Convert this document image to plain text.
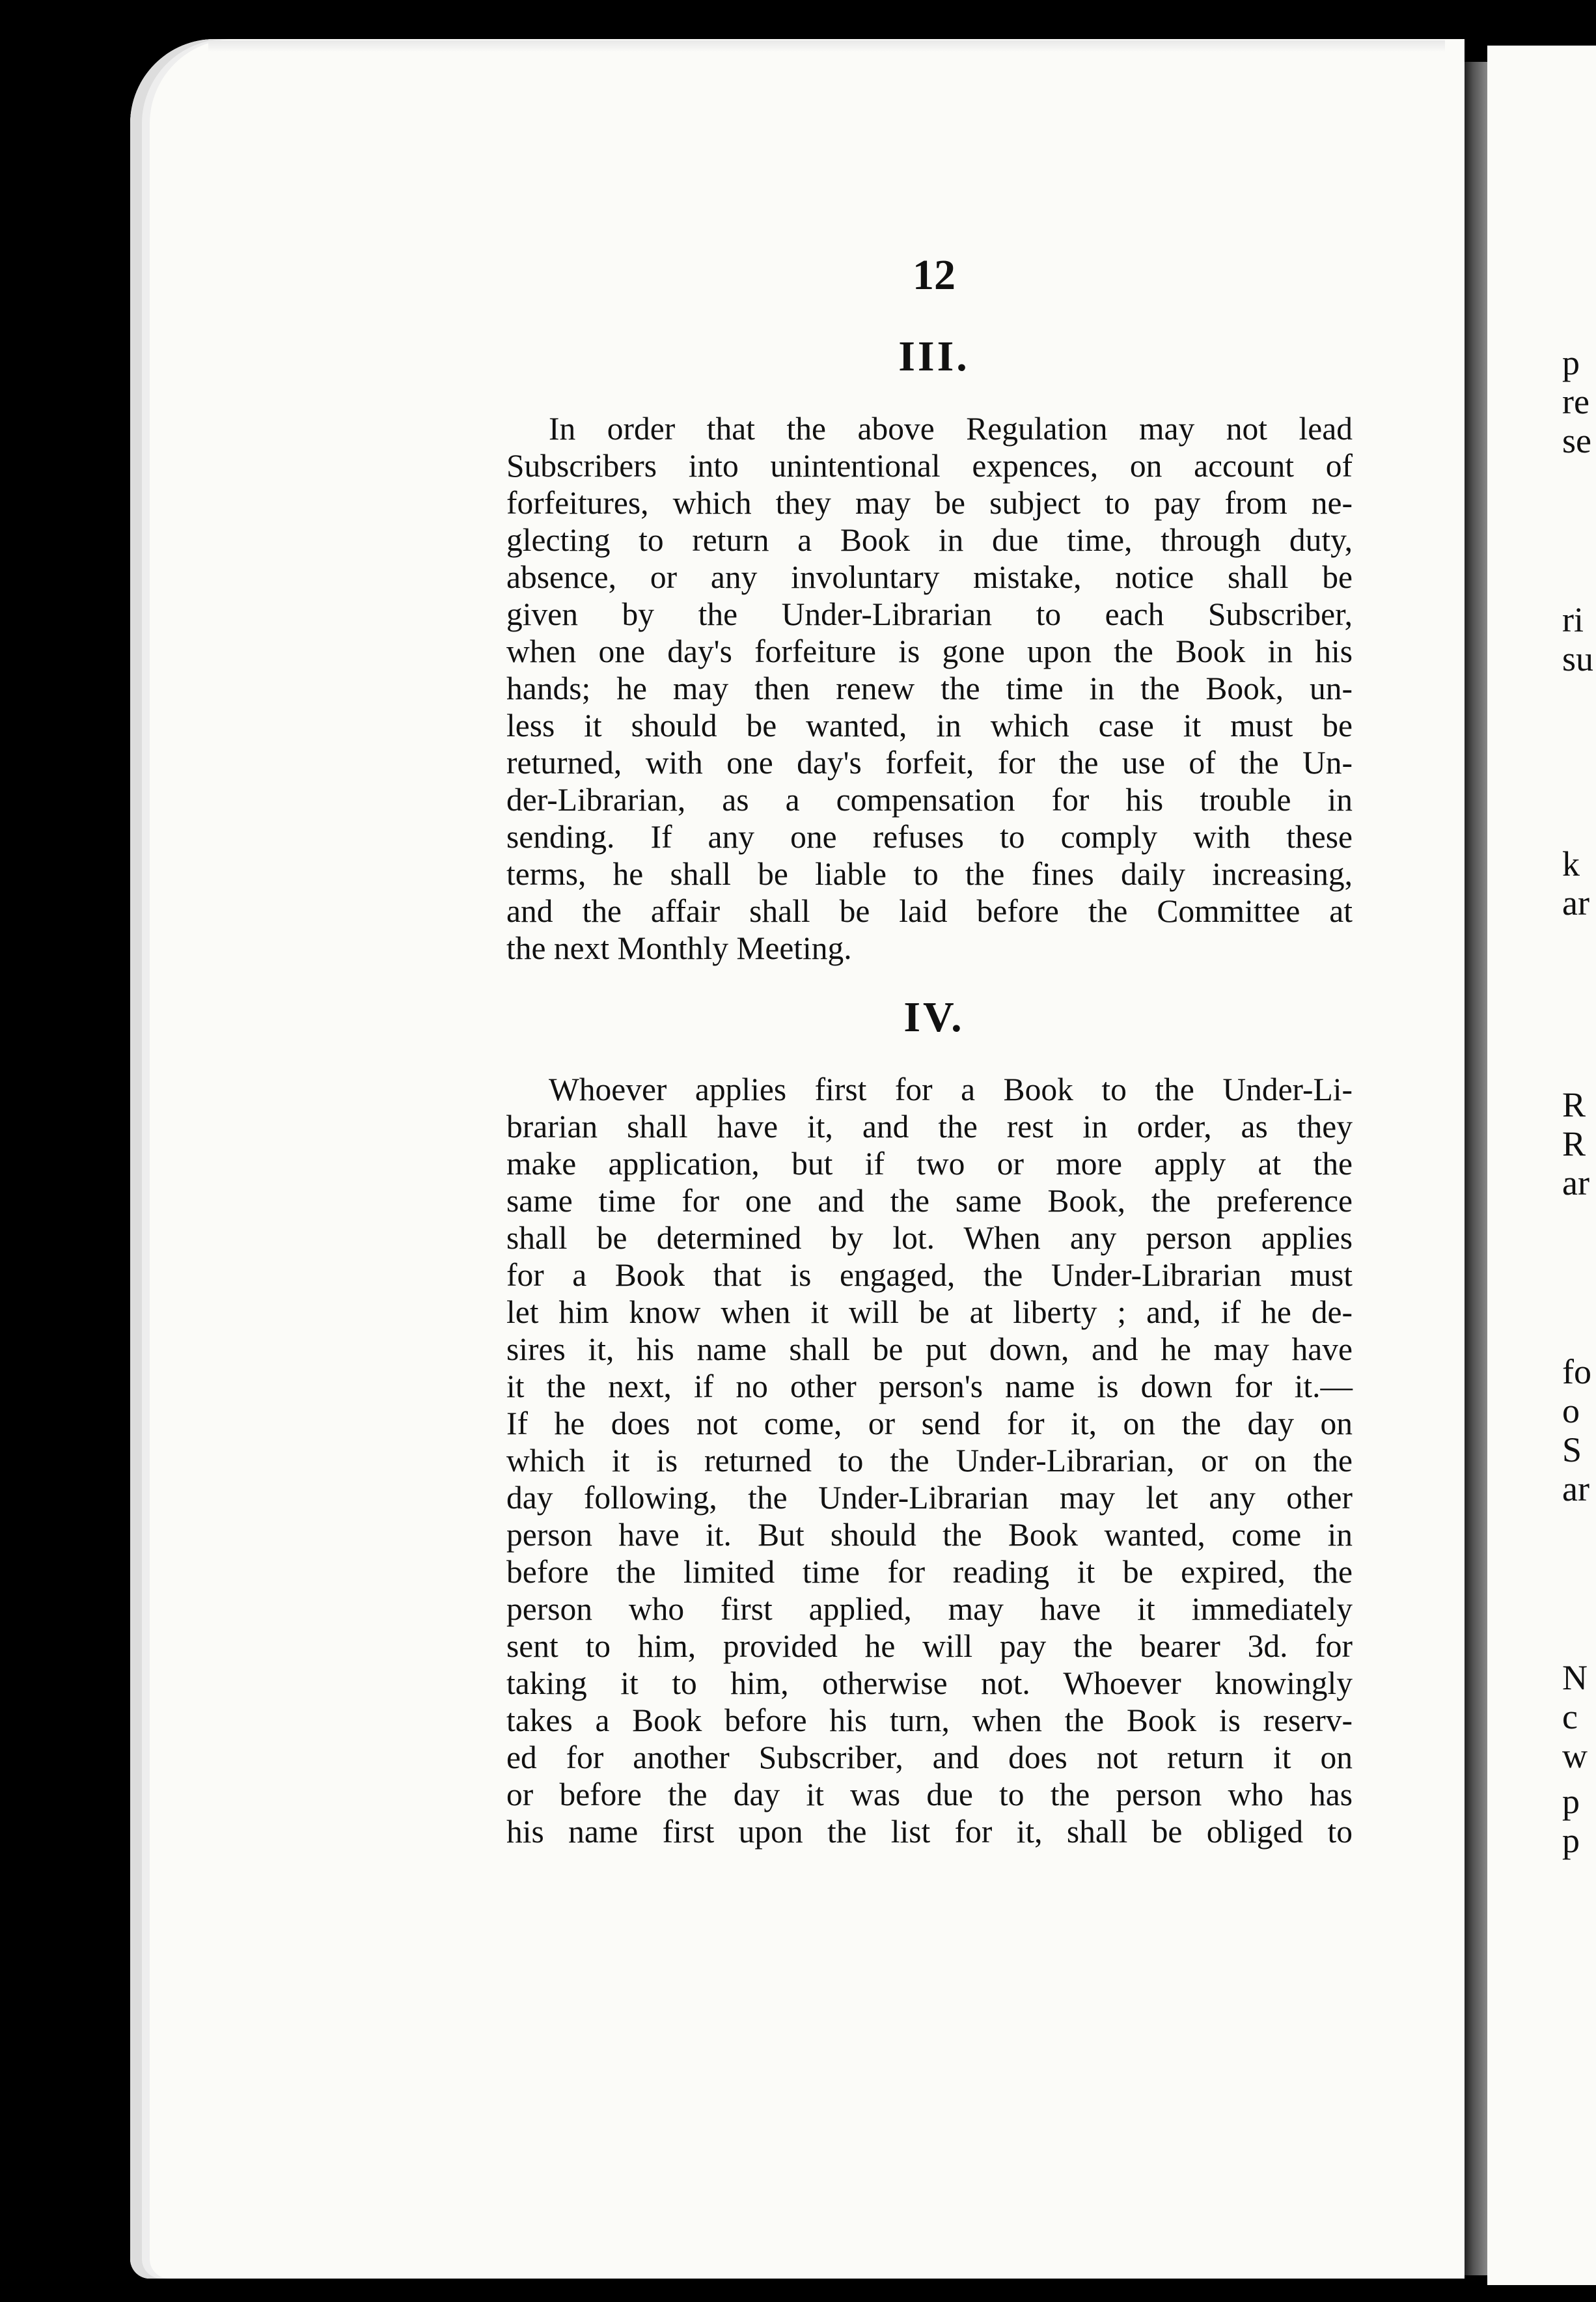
p
re
se
ri
su
k
ar
R
R
ar
fo
o
S
ar
N
c
w
p
p
12
III.
In order that the above Regulation may not lead
Subscribers into unintentional expences, on account of
forfeitures, which they may be subject to pay from ne-
glecting to return a Book in due time, through duty,
absence, or any involuntary mistake, notice shall be
given by the Under-Librarian to each Subscriber,
when one day's forfeiture is gone upon the Book in his
hands; he may then renew the time in the Book, un-
less it should be wanted, in which case it must be
returned, with one day's forfeit, for the use of the Un-
der-Librarian, as a compensation for his trouble in
sending. If any one refuses to comply with these
terms, he shall be liable to the fines daily increasing,
and the affair shall be laid before the Committee at
the next Monthly Meeting.
IV.
Whoever applies first for a Book to the Under-Li-
brarian shall have it, and the rest in order, as they
make application, but if two or more apply at the
same time for one and the same Book, the preference
shall be determined by lot. When any person applies
for a Book that is engaged, the Under-Librarian must
let him know when it will be at liberty ; and, if he de-
sires it, his name shall be put down, and he may have
it the next, if no other person's name is down for it.—
If he does not come, or send for it, on the day on
which it is returned to the Under-Librarian, or on the
day following, the Under-Librarian may let any other
person have it. But should the Book wanted, come in
before the limited time for reading it be expired, the
person who first applied, may have it immediately
sent to him, provided he will pay the bearer 3d. for
taking it to him, otherwise not. Whoever knowingly
takes a Book before his turn, when the Book is reserv-
ed for another Subscriber, and does not return it on
or before the day it was due to the person who has
his name first upon the list for it, shall be obliged to
